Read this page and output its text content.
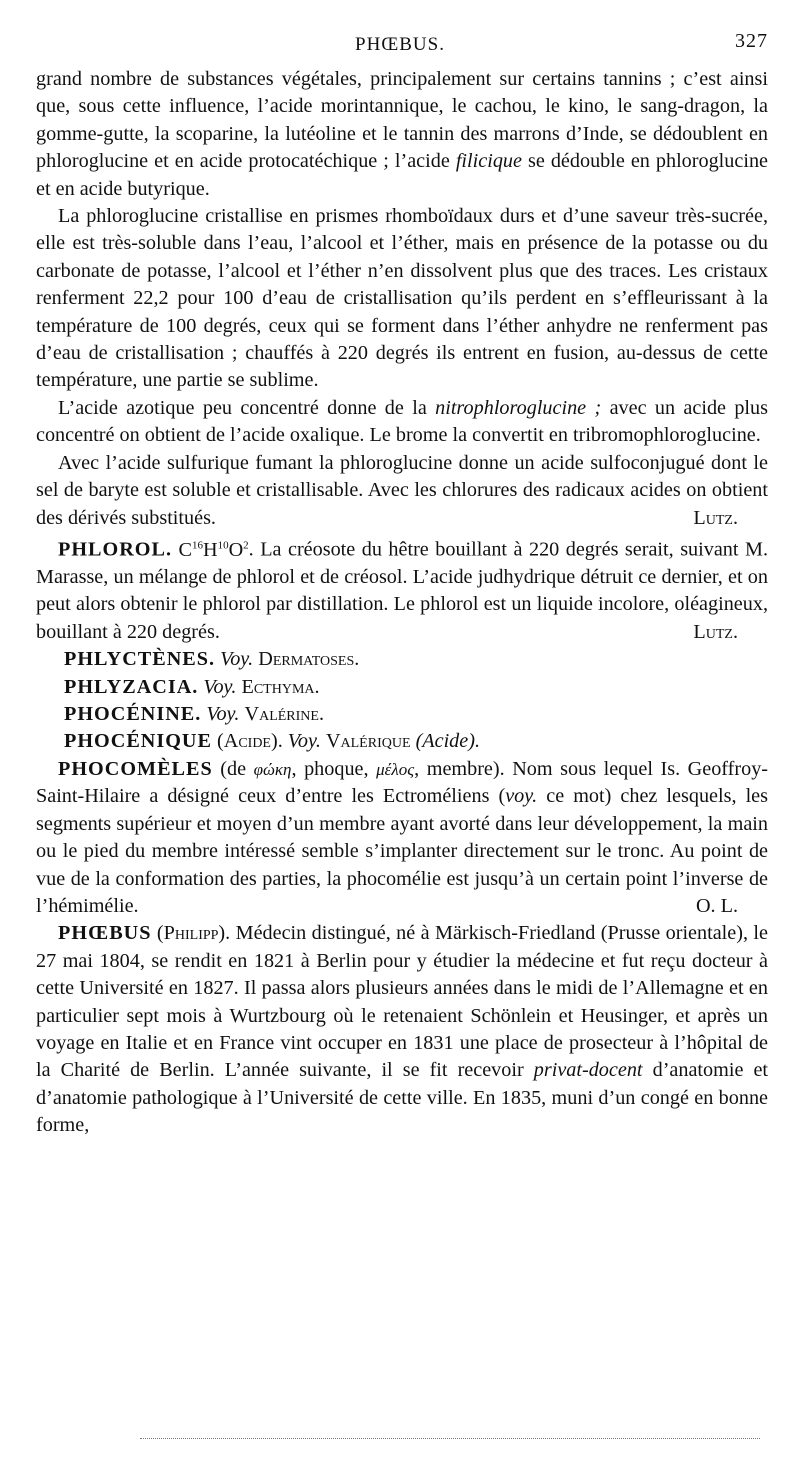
PHŒBUS.	327

grand nombre de substances végétales, principalement sur certains tannins ; c’est ainsi que, sous cette influence, l’acide morintannique, le cachou, le kino, le sang-dragon, la gomme-gutte, la scoparine, la lutéoline et le tannin des marrons d’Inde, se dédoublent en phloroglucine et en acide protocatéchique ; l’acide filicique se dédouble en phloroglucine et en acide butyrique.

La phloroglucine cristallise en prismes rhomboïdaux durs et d’une saveur très-sucrée, elle est très-soluble dans l’eau, l’alcool et l’éther, mais en présence de la potasse ou du carbonate de potasse, l’alcool et l’éther n’en dissolvent plus que des traces. Les cristaux renferment 22,2 pour 100 d’eau de cristallisation qu’ils perdent en s’effleurissant à la température de 100 degrés, ceux qui se forment dans l’éther anhydre ne renferment pas d’eau de cristallisation ; chauffés à 220 degrés ils entrent en fusion, au-dessus de cette température, une partie se sublime.

L’acide azotique peu concentré donne de la nitrophloroglucine ; avec un acide plus concentré on obtient de l’acide oxalique. Le brome la convertit en tribromophloroglucine.

Avec l’acide sulfurique fumant la phloroglucine donne un acide sulfoconjugué dont le sel de baryte est soluble et cristallisable. Avec les chlorures des radicaux acides on obtient des dérivés substitués.	Lutz.

PHLOROL. $C^{16}H^{10}O^2$. La créosote du hêtre bouillant à 220 degrés serait, suivant M. Marasse, un mélange de phlorol et de créosol. L’acide judhydrique détruit ce dernier, et on peut alors obtenir le phlorol par distillation. Le phlorol est un liquide incolore, oléagineux, bouillant à 220 degrés.	Lutz.

PHLYCTÈNES. Voy. Dermatoses.

PHLYZACIA. Voy. Ecthyma.

PHOCÉNINE. Voy. Valérine.

PHOCÉNIQUE (Acide). Voy. Valérique (Acide).

PHOCOMÈLES (de φώκη, phoque, μέλος, membre). Nom sous lequel Is. Geoffroy-Saint-Hilaire a désigné ceux d’entre les Ectroméliens (voy. ce mot) chez lesquels, les segments supérieur et moyen d’un membre ayant avorté dans leur développement, la main ou le pied du membre intéressé semble s’implanter directement sur le tronc. Au point de vue de la conformation des parties, la phocomélie est jusqu’à un certain point l’inverse de l’hémimélie.	O. L.

PHŒBUS (Philipp). Médecin distingué, né à Märkisch-Friedland (Prusse orientale), le 27 mai 1804, se rendit en 1821 à Berlin pour y étudier la médecine et fut reçu docteur à cette Université en 1827. Il passa alors plusieurs années dans le midi de l’Allemagne et en particulier sept mois à Wurtzbourg où le retenaient Schönlein et Heusinger, et après un voyage en Italie et en France vint occuper en 1831 une place de prosecteur à l’hôpital de la Charité de Berlin. L’année suivante, il se fit recevoir privat-docent d’anatomie et d’anatomie pathologique à l’Université de cette ville. En 1835, muni d’un congé en bonne forme,
